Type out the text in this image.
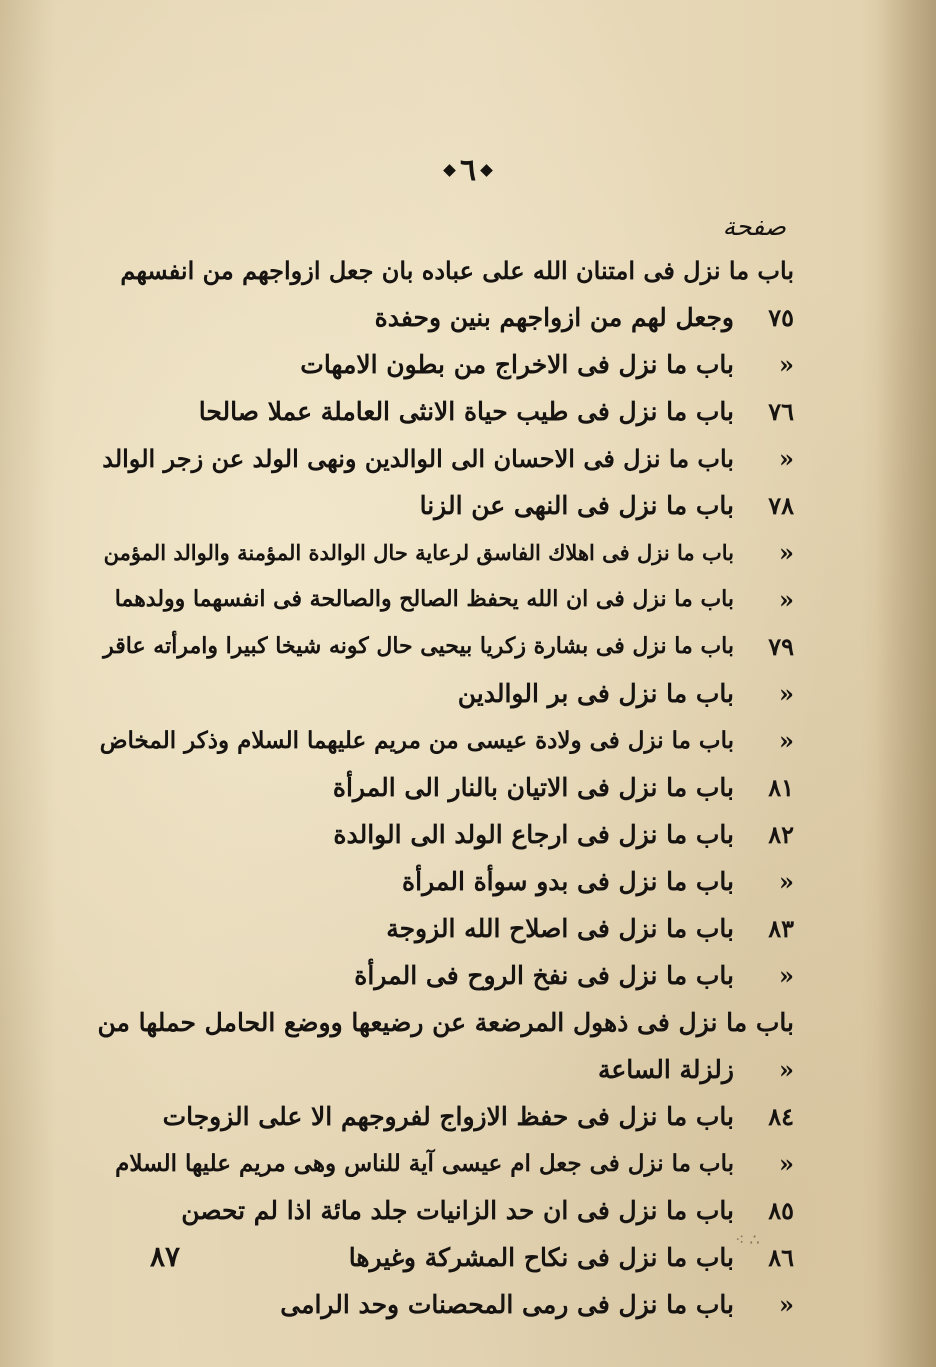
٦
صفحة
باب ما نزل فى امتنان الله على عباده بان جعل ازواجهم من انفسهم
٧٥
وجعل لهم من ازواجهم بنين وحفدة
«
باب ما نزل فى الاخراج من بطون الامهات
٧٦
باب ما نزل فى طيب حياة الانثى العاملة عملا صالحا
«
باب ما نزل فى الاحسان الى الوالدين ونهى الولد عن زجر الوالد
٧٨
باب ما نزل فى النهى عن الزنا
«
باب ما نزل فى اهلاك الفاسق لرعاية حال الوالدة المؤمنة والوالد المؤمن
«
باب ما نزل فى ان الله يحفظ الصالح والصالحة فى انفسهما وولدهما
٧٩
باب ما نزل فى بشارة زكريا بيحيى حال كونه شيخا كبيرا وامرأته عاقر
«
باب ما نزل فى بر الوالدين
«
باب ما نزل فى ولادة عيسى من مريم عليهما السلام وذكر المخاض
٨١
باب ما نزل فى الاتيان بالنار الى المرأة
٨٢
باب ما نزل فى ارجاع الولد الى الوالدة
«
باب ما نزل فى بدو سوأة المرأة
٨٣
باب ما نزل فى اصلاح الله الزوجة
«
باب ما نزل فى نفخ الروح فى المرأة
باب ما نزل فى ذهول المرضعة عن رضيعها ووضع الحامل حملها من
«
زلزلة الساعة
٨٤
باب ما نزل فى حفظ الازواج لفروجهم الا على الزوجات
«
باب ما نزل فى جعل ام عيسى آية للناس وهى مريم عليها السلام
٨٥
باب ما نزل فى ان حد الزانيات جلد مائة اذا لم تحصن
٨٦
باب ما نزل فى نكاح المشركة وغيرها
«
باب ما نزل فى رمى المحصنات وحد الرامى
٨٧
⁖ ∴
